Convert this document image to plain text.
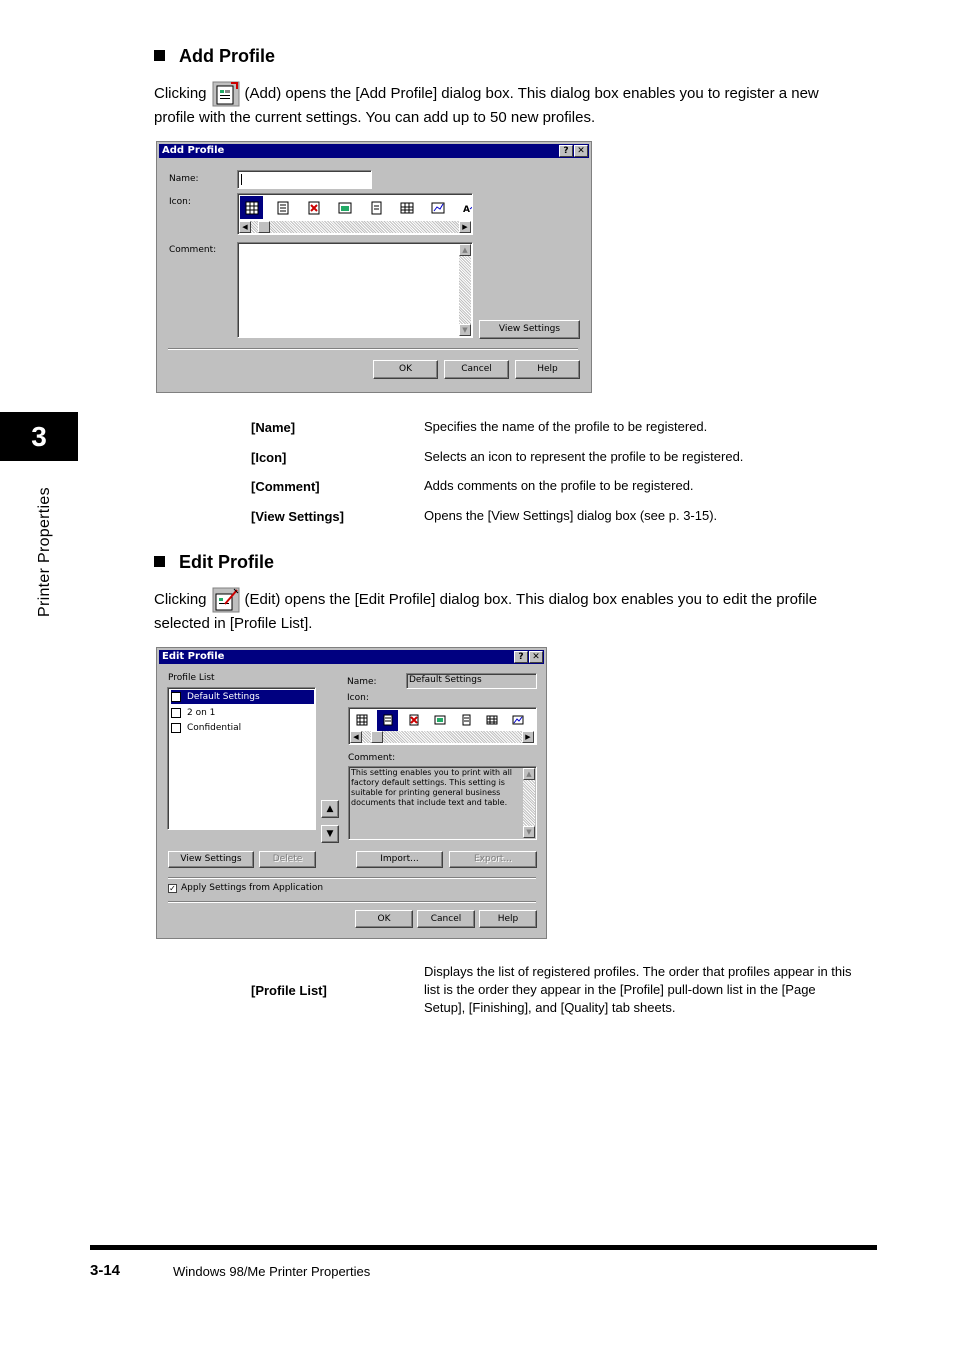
3
Printer Properties
Add Profile
Clicking	(Add) opens the [Add Profile] dialog box. This dialog box enables you to register a new
profile with the current settings. You can add up to 50 new profiles.
Add Profile	? ✕
Name:
Icon:
A
◀	▶
Comment:	▲
▼	View Settings
OK	Cancel	Help
[Name]	Specifies the name of the profile to be registered.
[Icon]	Selects an icon to represent the profile to be registered.
[Comment]	Adds comments on the profile to be registered.
[View Settings]	Opens the [View Settings] dialog box (see p. 3-15).
Edit Profile
Clicking	(Edit) opens the [Edit Profile] dialog box. This dialog box enables you to edit the profile
selected in [Profile List].
Edit Profile	? ✕
Profile List
Default Settings
2 on 1
Confidential
▲
▼
Name:	Default Settings
Icon:
◀	▶
Comment:
This setting enables you to print with all factory default settings. This setting is suitable for printing general business documents that include text and table.
▲
▼
View Settings	Delete	Import...	Export...
✓ Apply Settings from Application
OK	Cancel	Help
[Profile List]
Displays the list of registered profiles. The order that profiles appear in this
list is the order they appear in the [Profile] pull-down list in the [Page
Setup], [Finishing], and [Quality] tab sheets.
3-14	Windows 98/Me Printer Properties
